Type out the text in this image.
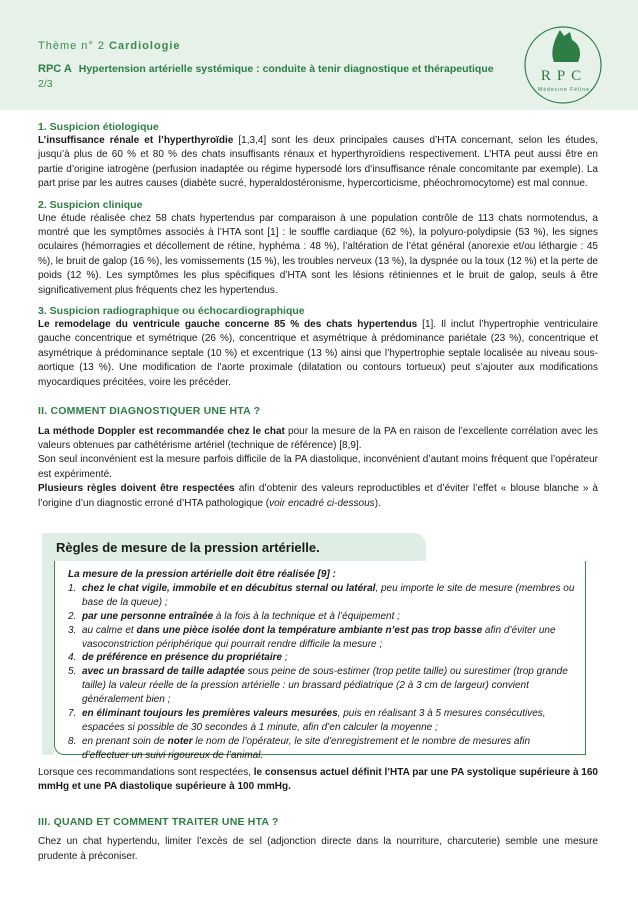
Thème n° 2 Cardiologie
RPC A Hypertension artérielle systémique : conduite à tenir diagnostique et thérapeutique
2/3	RPC
Médecine Féline

1. Suspicion étiologique

L’insuffisance rénale et l’hyperthyroïdie [1,3,4] sont les deux principales causes d’HTA concernant, selon les études, jusqu’à plus de 60 % et 80 % des chats insuffisants rénaux et hyperthyroïdiens respectivement. L’HTA peut aussi être en partie d’origine iatrogène (perfusion inadaptée ou régime hypersodé lors d’insuffisance rénale concomitante par exemple). La part prise par les autres causes (diabète sucré, hyperaldostéronisme, hypercorticisme, phéochromocytome) est mal connue.

2. Suspicion clinique

Une étude réalisée chez 58 chats hypertendus par comparaison à une population contrôle de 113 chats normotendus, a montré que les symptômes associés à l’HTA sont [1] : le souffle cardiaque (62 %), la polyuro-polydipsie (53 %), les signes oculaires (hémorragies et décollement de rétine, hyphéma : 48 %), l’altération de l’état général (anorexie et/ou léthargie : 45 %), le bruit de galop (16 %), les vomissements (15 %), les troubles nerveux (13 %), la dyspnée ou la toux (12 %) et la perte de poids (12 %). Les symptômes les plus spécifiques d’HTA sont les lésions rétiniennes et le bruit de galop, seuls à être significativement plus fréquents chez les hypertendus.

3. Suspicion radiographique ou échocardiographique

Le remodelage du ventricule gauche concerne 85 % des chats hypertendus [1]. Il inclut l’hypertrophie ventriculaire gauche concentrique et symétrique (26 %), concentrique et asymétrique à prédominance pariétale (23 %), concentrique et asymétrique à prédominance septale (10 %) et excentrique (13 %) ainsi que l’hypertrophie septale localisée au niveau sous-aortique (13 %). Une modification de l’aorte proximale (dilatation ou contours tortueux) peut s’ajouter aux modifications myocardiques précitées, voire les précéder.

II. COMMENT DIAGNOSTIQUER UNE HTA ?

La méthode Doppler est recommandée chez le chat pour la mesure de la PA en raison de l’excellente corrélation avec les valeurs obtenues par cathétérisme artériel (technique de référence) [8,9].

Son seul inconvénient est la mesure parfois difficile de la PA diastolique, inconvénient d’autant moins fréquent que l’opérateur est expérimenté.

Plusieurs règles doivent être respectées afin d’obtenir des valeurs reproductibles et d’éviter l’effet « blouse blanche » à l’origine d’un diagnostic erroné d’HTA pathologique (voir encadré ci-dessous).

Règles de mesure de la pression artérielle.

La mesure de la pression artérielle doit être réalisée [9] :

1. chez le chat vigile, immobile et en décubitus sternal ou latéral, peu importe le site de mesure (membres ou base de la queue) ;

2. par une personne entraînée à la fois à la technique et à l’équipement ;

3. au calme et dans une pièce isolée dont la température ambiante n’est pas trop basse afin d’éviter une vasoconstriction périphérique qui pourrait rendre difficile la mesure ;

4. de préférence en présence du propriétaire ;

5. avec un brassard de taille adaptée sous peine de sous-estimer (trop petite taille) ou surestimer (trop grande taille) la valeur réelle de la pression artérielle : un brassard pédiatrique (2 à 3 cm de largeur) convient généralement bien ;

7. en éliminant toujours les premières valeurs mesurées, puis en réalisant 3 à 5 mesures consécutives, espacées si possible de 30 secondes à 1 minute, afin d’en calculer la moyenne ;

8. en prenant soin de noter le nom de l’opérateur, le site d’enregistrement et le nombre de mesures afin d’effectuer un suivi rigoureux de l’animal.

Lorsque ces recommandations sont respectées, le consensus actuel définit l’HTA par une PA systolique supérieure à 160 mmHg et une PA diastolique supérieure à 100 mmHg.

III. QUAND ET COMMENT TRAITER UNE HTA ?

Chez un chat hypertendu, limiter l’excès de sel (adjonction directe dans la nourriture, charcuterie) semble une mesure prudente à préconiser.
